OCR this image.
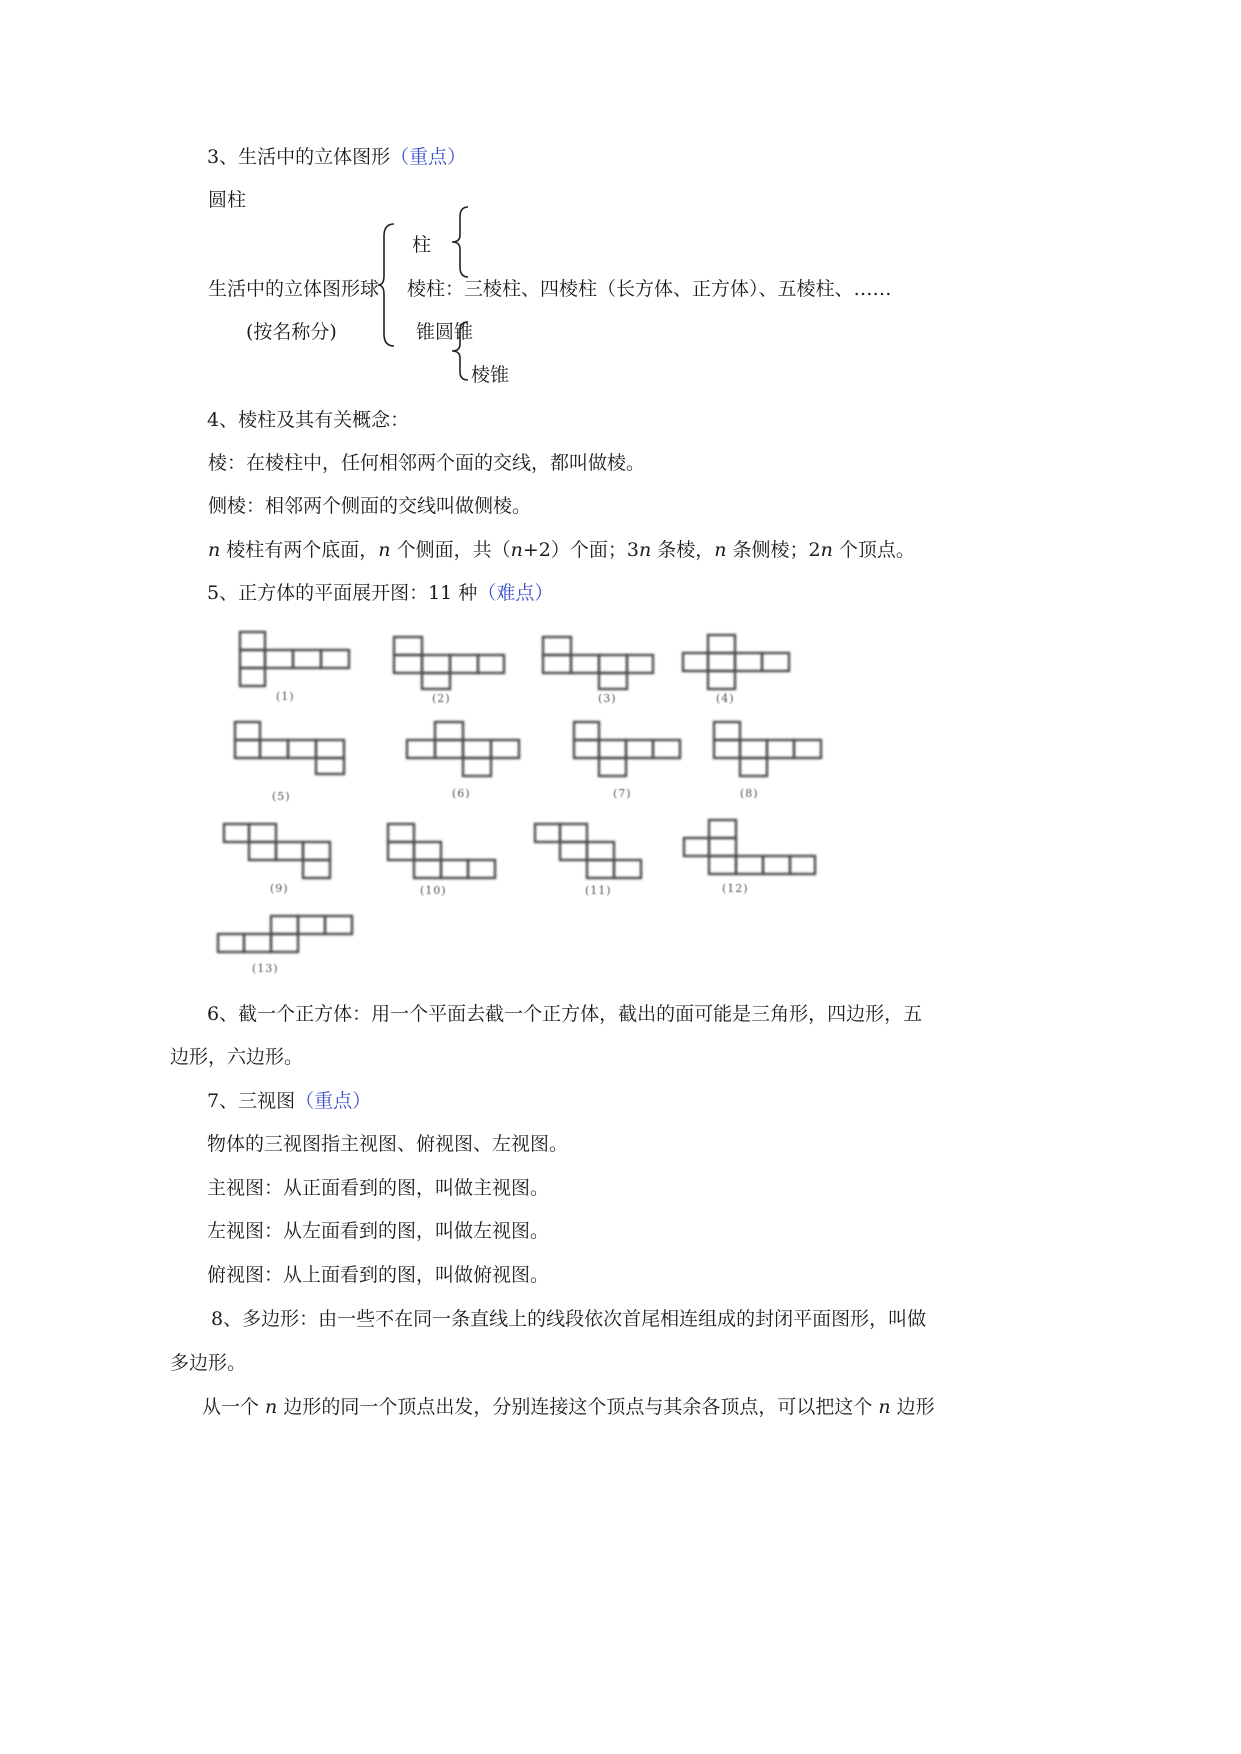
3、生活中的立体图形（重点）
圆柱
生活中的立体图形球
(按名称分)
柱
棱柱：三棱柱、四棱柱（长方体、正方体）、五棱柱、……
锥圆锥
棱锥
4、棱柱及其有关概念：
棱：在棱柱中，任何相邻两个面的交线，都叫做棱。
侧棱：相邻两个侧面的交线叫做侧棱。
n 棱柱有两个底面，n 个侧面，共（n+2）个面；3n 条棱，n 条侧棱；2n 个顶点。
5、正方体的平面展开图：11 种（难点）
(1)	(2)	(3)	(4)
(5)	(6)	(7)	(8)
(9)	(10)	(11)	(12)
(13)
6、截一个正方体：用一个平面去截一个正方体，截出的面可能是三角形，四边形，五
边形，六边形。
7、三视图（重点）
物体的三视图指主视图、俯视图、左视图。
主视图：从正面看到的图，叫做主视图。
左视图：从左面看到的图，叫做左视图。
俯视图：从上面看到的图，叫做俯视图。
8、多边形：由一些不在同一条直线上的线段依次首尾相连组成的封闭平面图形，叫做
多边形。
从一个 n 边形的同一个顶点出发，分别连接这个顶点与其余各顶点，可以把这个 n 边形
